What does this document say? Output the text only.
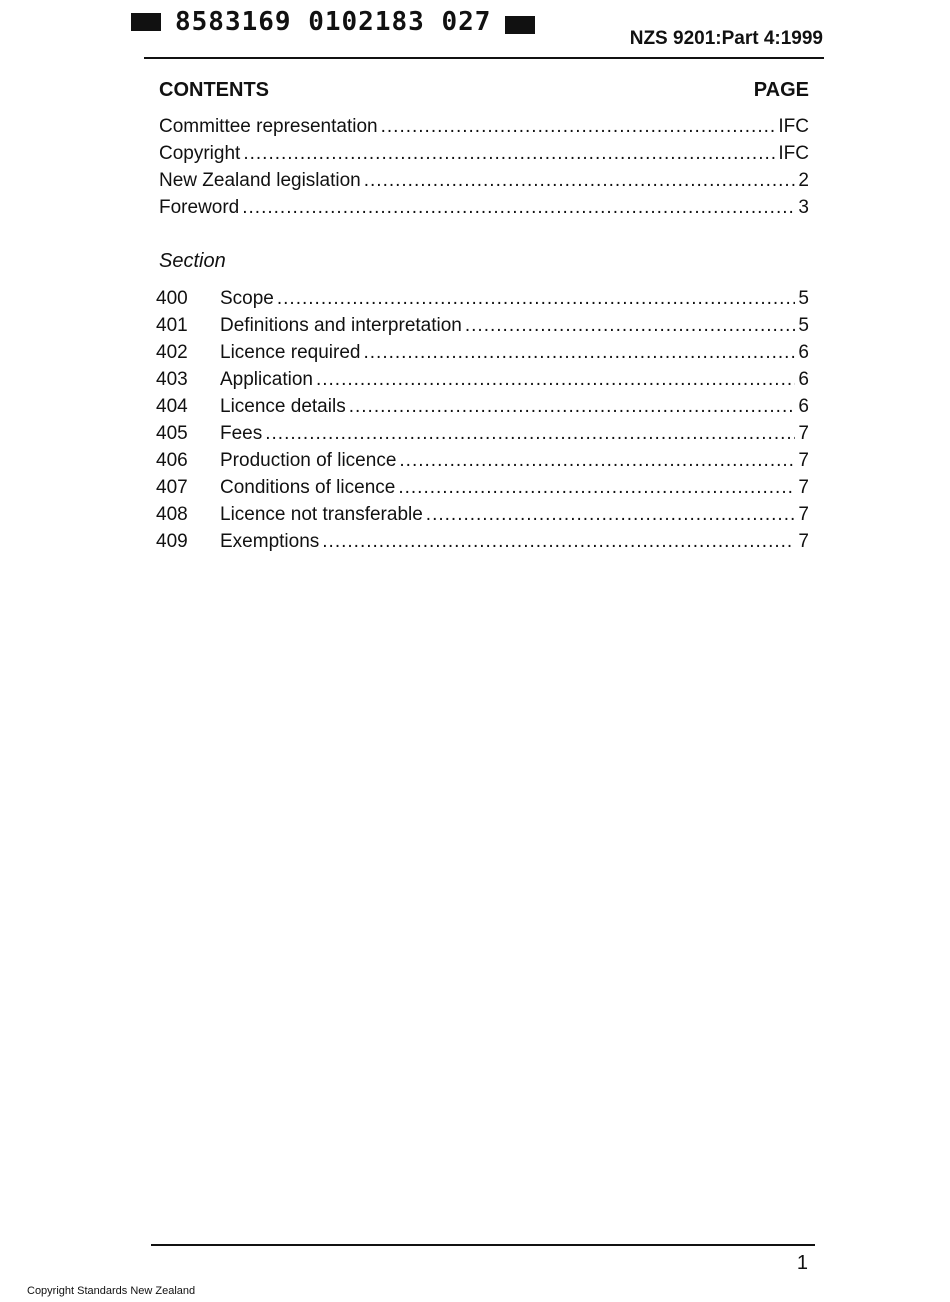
8583169 0102183 027
NZS 9201:Part 4:1999
CONTENTS	PAGE
Committee representation .....	IFC
Copyright .....	IFC
New Zealand legislation .....	2
Foreword .....	3
Section
400	Scope .....	5
401	Definitions and interpretation .....	5
402	Licence required .....	6
403	Application .....	6
404	Licence details .....	6
405	Fees .....	7
406	Production of licence .....	7
407	Conditions of licence .....	7
408	Licence not transferable .....	7
409	Exemptions .....	7
1
Copyright Standards New Zealand
